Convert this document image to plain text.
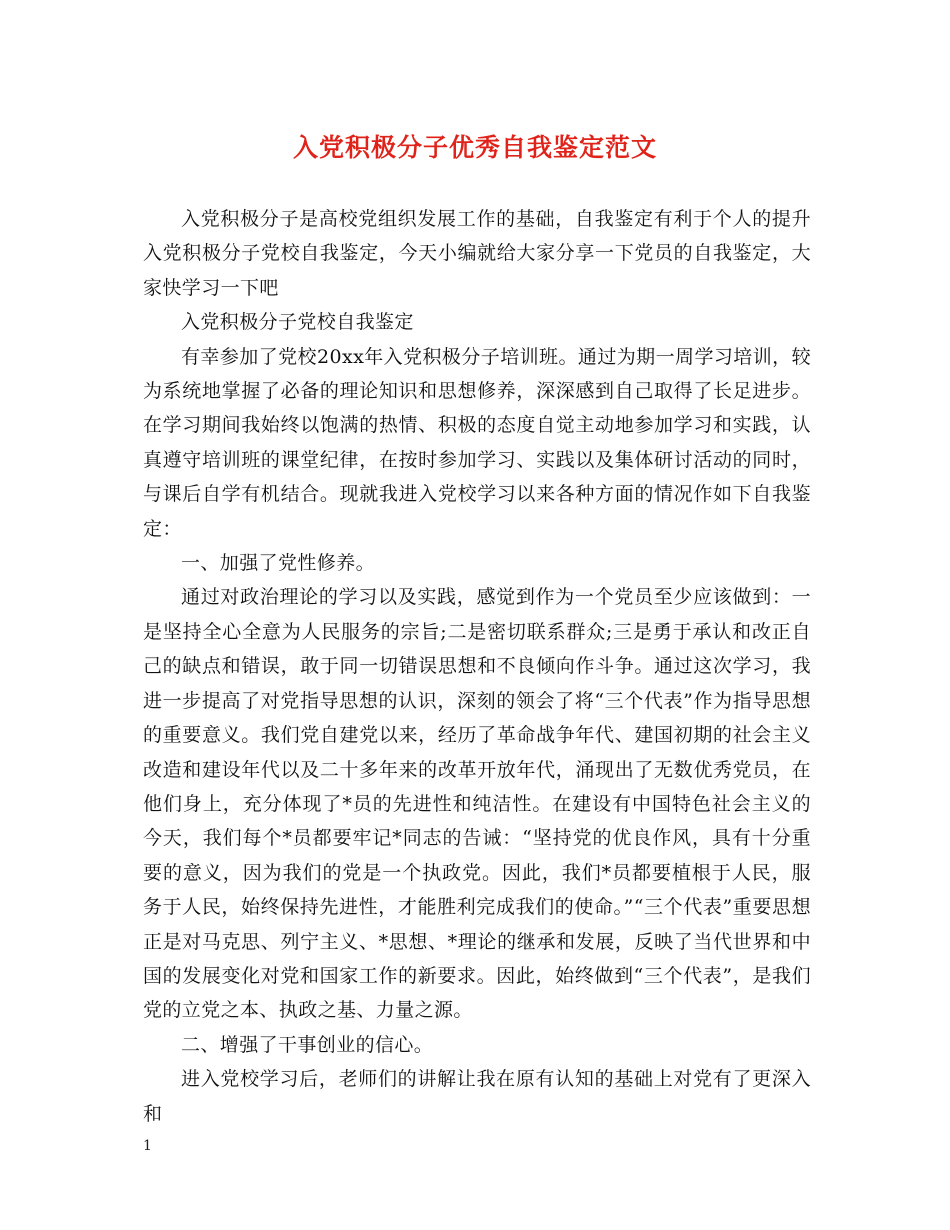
入党积极分子优秀自我鉴定范文

入党积极分子是高校党组织发展工作的基础，自我鉴定有利于个人的提升入党积极分子党校自我鉴定，今天小编就给大家分享一下党员的自我鉴定，大家快学习一下吧

入党积极分子党校自我鉴定

有幸参加了党校20xx年入党积极分子培训班。通过为期一周学习培训，较为系统地掌握了必备的理论知识和思想修养，深深感到自己取得了长足进步。在学习期间我始终以饱满的热情、积极的态度自觉主动地参加学习和实践，认真遵守培训班的课堂纪律，在按时参加学习、实践以及集体研讨活动的同时，与课后自学有机结合。现就我进入党校学习以来各种方面的情况作如下自我鉴定：

一、加强了党性修养。

通过对政治理论的学习以及实践，感觉到作为一个党员至少应该做到：一是坚持全心全意为人民服务的宗旨;二是密切联系群众;三是勇于承认和改正自己的缺点和错误，敢于同一切错误思想和不良倾向作斗争。通过这次学习，我进一步提高了对党指导思想的认识，深刻的领会了将“三个代表”作为指导思想的重要意义。我们党自建党以来，经历了革命战争年代、建国初期的社会主义改造和建设年代以及二十多年来的改革开放年代，涌现出了无数优秀党员，在他们身上，充分体现了*员的先进性和纯洁性。在建设有中国特色社会主义的今天，我们每个*员都要牢记*同志的告诫：“坚持党的优良作风，具有十分重要的意义，因为我们的党是一个执政党。因此，我们*员都要植根于人民，服务于人民，始终保持先进性，才能胜利完成我们的使命。”“三个代表”重要思想正是对马克思、列宁主义、*思想、*理论的继承和发展，反映了当代世界和中国的发展变化对党和国家工作的新要求。因此，始终做到“三个代表”，是我们党的立党之本、执政之基、力量之源。

二、增强了干事创业的信心。

进入党校学习后，老师们的讲解让我在原有认知的基础上对党有了更深入和

1
